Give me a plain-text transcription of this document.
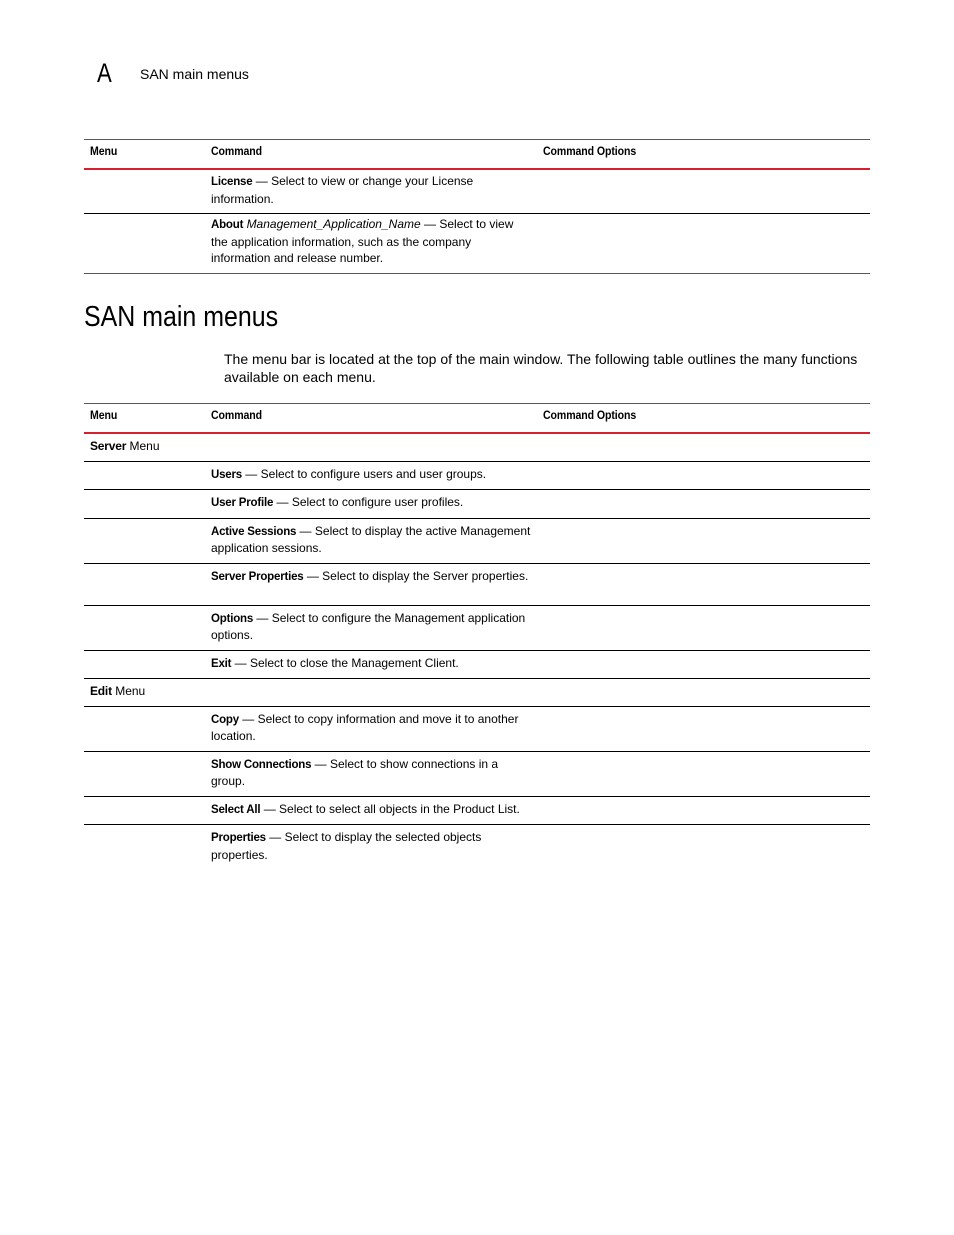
A	SAN main menus
Menu	Command	Command Options
	License — Select to view or change your License information.	
	About Management_Application_Name — Select to view the application information, such as the company information and release number.	
SAN main menus

The menu bar is located at the top of the main window. The following table outlines the many functions available on each menu.

Menu	Command	Command Options
Server Menu		
	Users — Select to configure users and user groups.	
	User Profile — Select to configure user profiles.	
	Active Sessions — Select to display the active Management application sessions.	
	Server Properties — Select to display the Server properties.	
	Options — Select to configure the Management application options.	
	Exit — Select to close the Management Client.	
Edit Menu		
	Copy — Select to copy information and move it to another location.	
	Show Connections — Select to show connections in a group.	
	Select All — Select to select all objects in the Product List.	
	Properties — Select to display the selected objects properties.	
